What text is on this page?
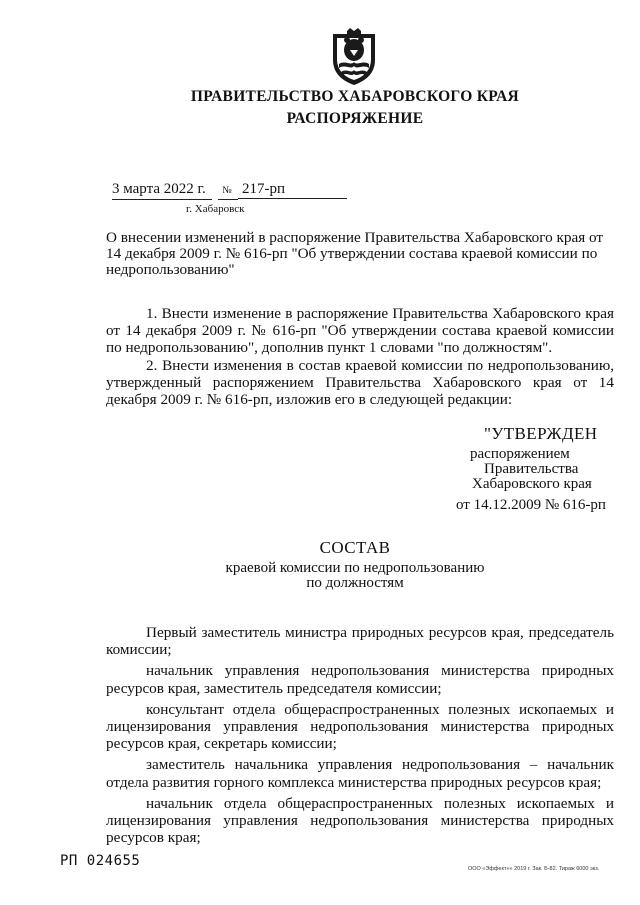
ПРАВИТЕЛЬСТВО ХАБАРОВСКОГО КРАЯ
РАСПОРЯЖЕНИЕ
3 марта 2022 г. № 217-рп
г. Хабаровск
О внесении изменений в распоряжение Правительства Хабаровского края от 14 декабря 2009 г. № 616-рп "Об утверждении состава краевой комиссии по недропользованию"

1. Внести изменение в распоряжение Правительства Хабаровского края от 14 декабря 2009 г. № 616-рп "Об утверждении состава краевой комиссии по недропользованию", дополнив пункт 1 словами "по должностям".

2. Внести изменения в состав краевой комиссии по недропользованию, утвержденный распоряжением Правительства Хабаровского края от 14 декабря 2009 г. № 616-рп, изложив его в следующей редакции:

"УТВЕРЖДЕН
распоряжением
Правительства
Хабаровского края
от 14.12.2009 № 616-рп
СОСТАВ
краевой комиссии по недропользованию
по должностям

Первый заместитель министра природных ресурсов края, председатель комиссии;

начальник управления недропользования министерства природных ресурсов края, заместитель председателя комиссии;

консультант отдела общераспространенных полезных ископаемых и лицензирования управления недропользования министерства природных ресурсов края, секретарь комиссии;

заместитель начальника управления недропользования – начальник отдела развития горного комплекса министерства природных ресурсов края;

начальник отдела общераспространенных полезных ископаемых и лицензирования управления недропользования министерства природных ресурсов края;

РП 024655	ООО «Эффект»» 2019 г. Зак. Б-82. Тираж 6000 экз.
